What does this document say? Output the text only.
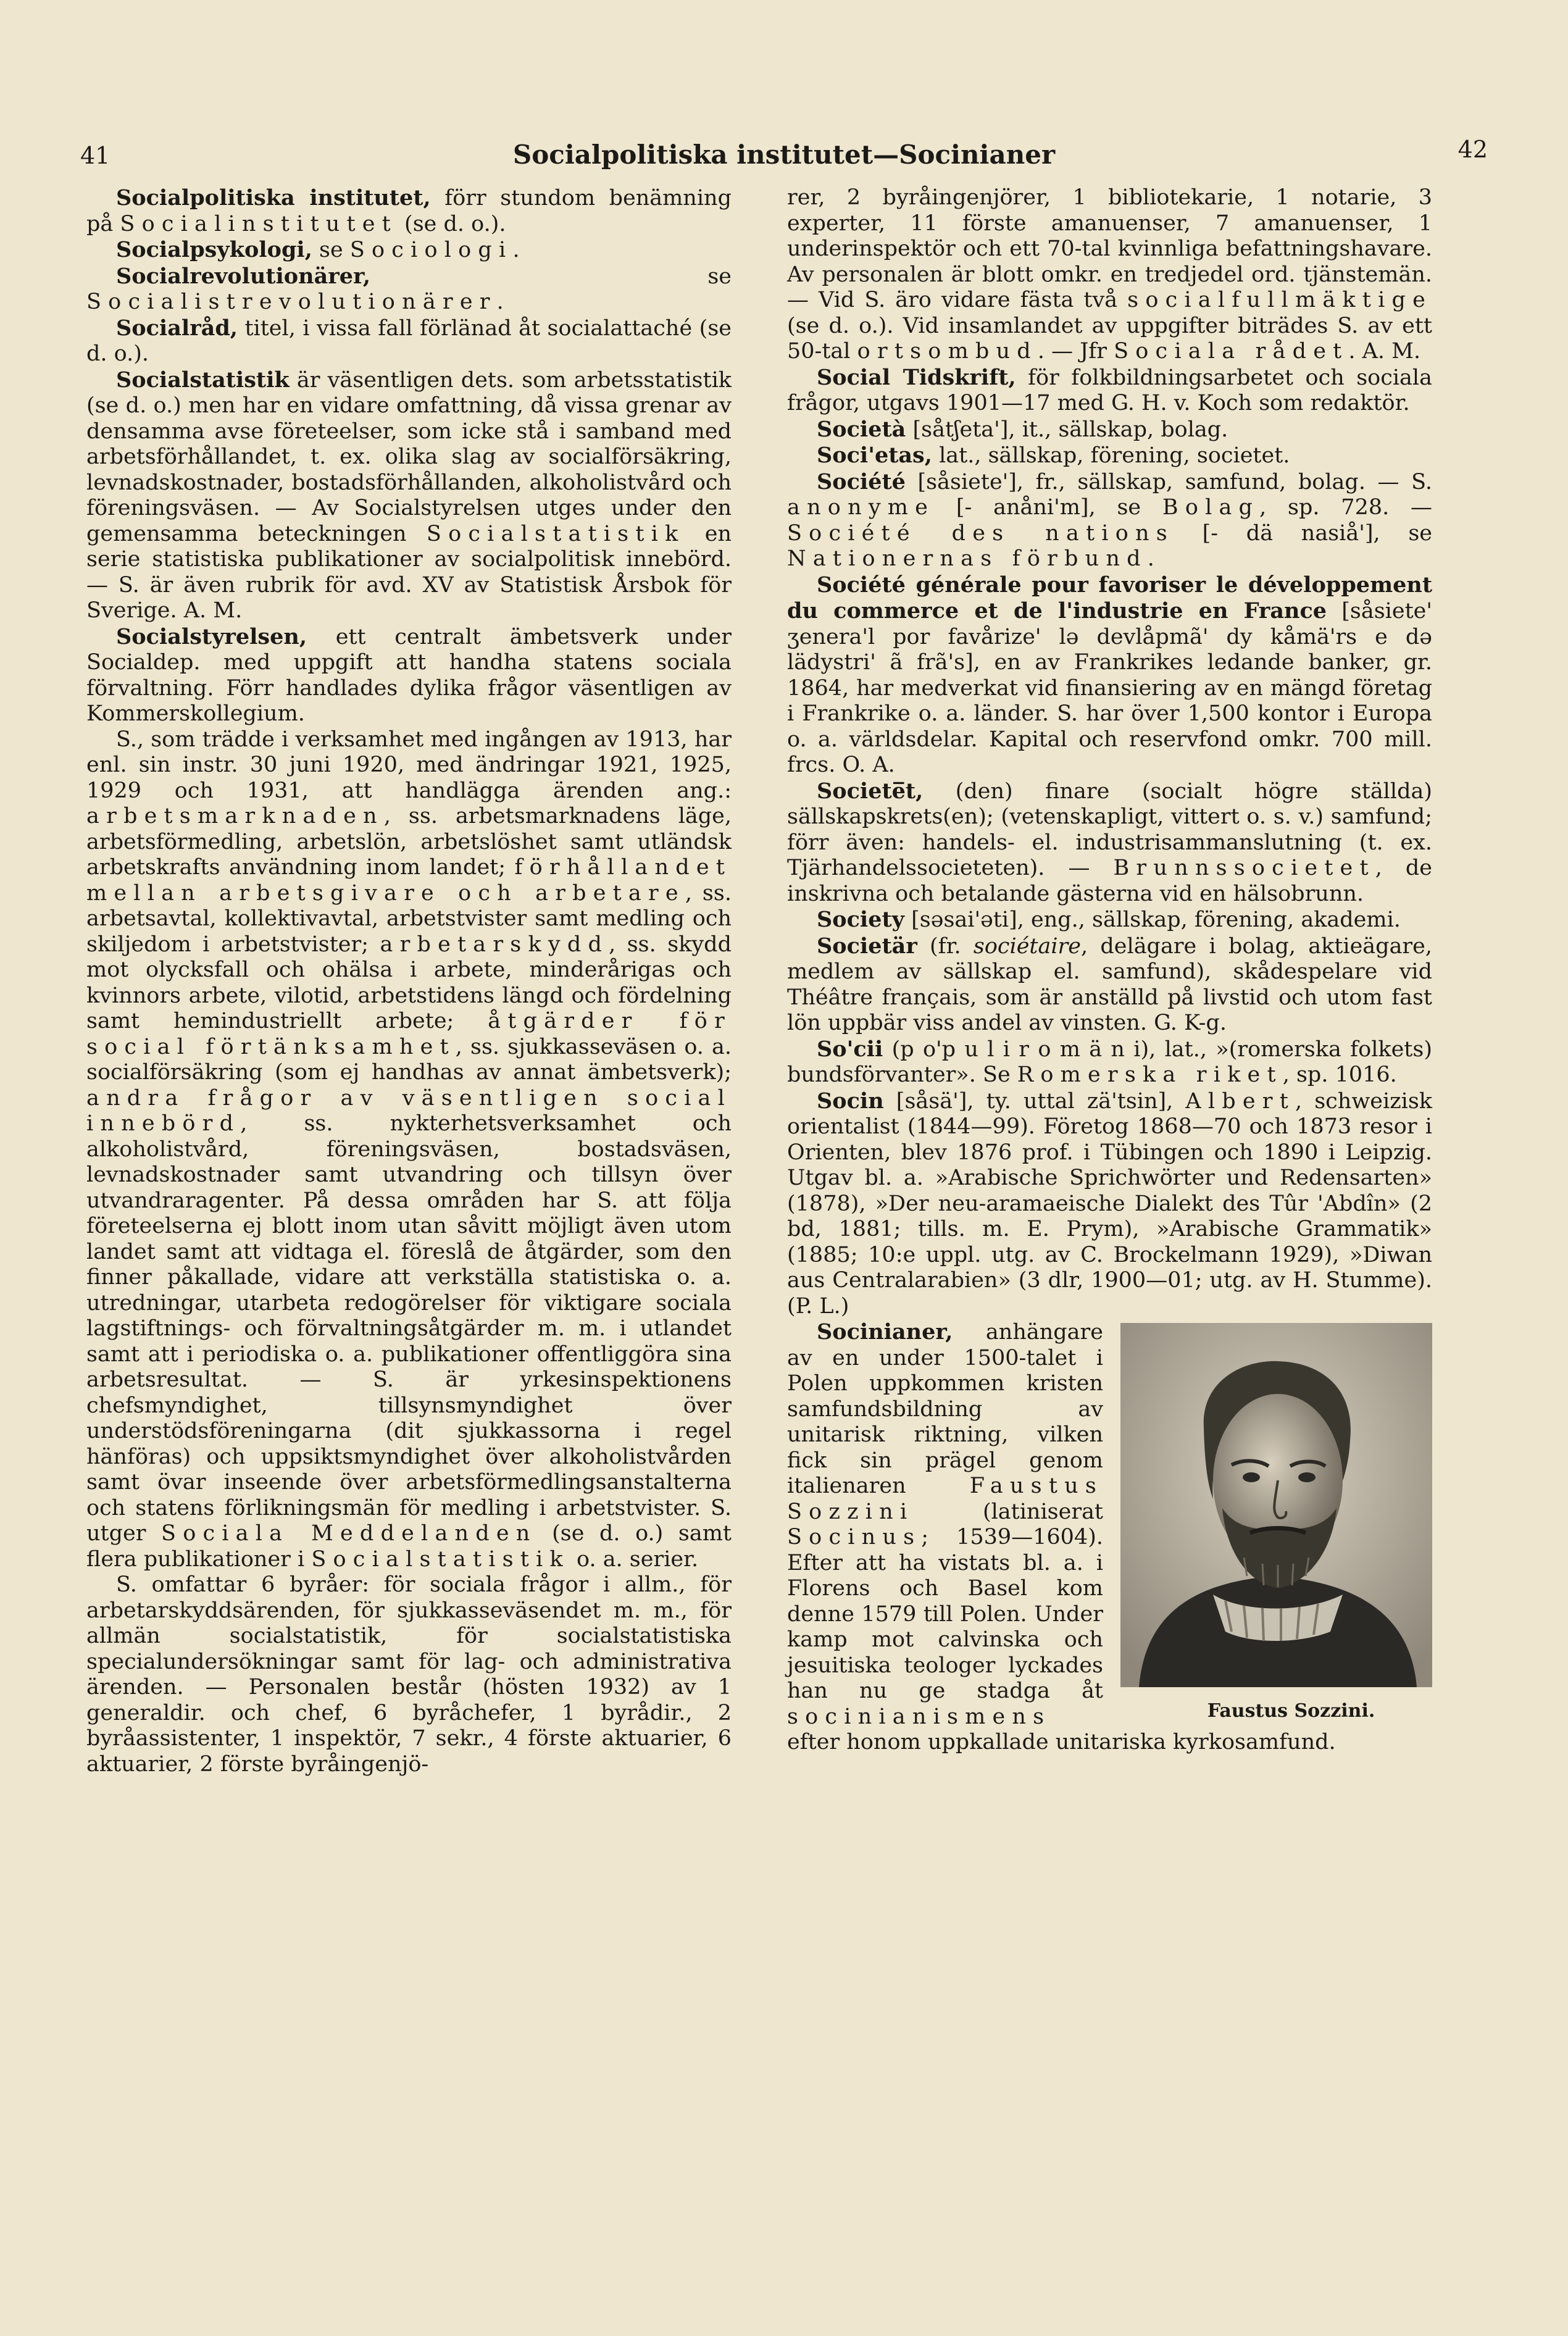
41	Socialpolitiska institutet—Socinianer	42

Socialpolitiska institutet, förr stundom benämning på Socialinstitutet (se d. o.).

Socialpsykologi, se Sociologi.

Socialrevolutionärer, se Socialistrevolutionärer.

Socialråd, titel, i vissa fall förlänad åt socialattaché (se d. o.).

Socialstatistik är väsentligen dets. som arbetsstatistik (se d. o.) men har en vidare omfattning, då vissa grenar av densamma avse företeelser, som icke stå i samband med arbetsförhållandet, t. ex. olika slag av socialförsäkring, levnadskostnader, bostadsförhållanden, alkoholistvård och föreningsväsen. — Av Socialstyrelsen utges under den gemensamma beteckningen Socialstatistik en serie statistiska publikationer av socialpolitisk innebörd. — S. är även rubrik för avd. XV av Statistisk Årsbok för Sverige. A. M.

Socialstyrelsen, ett centralt ämbetsverk under Socialdep. med uppgift att handha statens sociala förvaltning. Förr handlades dylika frågor väsentligen av Kommerskollegium.

S., som trädde i verksamhet med ingången av 1913, har enl. sin instr. 30 juni 1920, med ändringar 1921, 1925, 1929 och 1931, att handlägga ärenden ang.: arbetsmarknaden, ss. arbetsmarknadens läge, arbetsförmedling, arbetslön, arbetslöshet samt utländsk arbetskrafts användning inom landet; förhållandet mellan arbetsgivare och arbetare, ss. arbetsavtal, kollektivavtal, arbetstvister samt medling och skiljedom i arbetstvister; arbetarskydd, ss. skydd mot olycksfall och ohälsa i arbete, minderårigas och kvinnors arbete, vilotid, arbetstidens längd och fördelning samt hemindustriellt arbete; åtgärder för social förtänksamhet, ss. sjukkasseväsen o. a. socialförsäkring (som ej handhas av annat ämbetsverk); andra frågor av väsentligen social innebörd, ss. nykterhetsverksamhet och alkoholistvård, föreningsväsen, bostadsväsen, levnadskostnader samt utvandring och tillsyn över utvandraragenter. På dessa områden har S. att följa företeelserna ej blott inom utan såvitt möjligt även utom landet samt att vidtaga el. föreslå de åtgärder, som den finner påkallade, vidare att verkställa statistiska o. a. utredningar, utarbeta redogörelser för viktigare sociala lagstiftnings- och förvaltningsåtgärder m. m. i utlandet samt att i periodiska o. a. publikationer offentliggöra sina arbetsresultat. — S. är yrkesinspektionens chefsmyndighet, tillsynsmyndighet över understödsföreningarna (dit sjukkassorna i regel hänföras) och uppsiktsmyndighet över alkoholistvården samt övar inseende över arbetsförmedlingsanstalterna och statens förlikningsmän för medling i arbetstvister. S. utger Sociala Meddelanden (se d. o.) samt flera publikationer i Socialstatistik o. a. serier.

S. omfattar 6 byråer: för sociala frågor i allm., för arbetarskyddsärenden, för sjukkasseväsendet m. m., för allmän socialstatistik, för socialstatistiska specialundersökningar samt för lag- och administrativa ärenden. — Personalen består (hösten 1932) av 1 generaldir. och chef, 6 byråchefer, 1 byrådir., 2 byråassistenter, 1 inspektör, 7 sekr., 4 förste aktuarier, 6 aktuarier, 2 förste byråingenjö-

rer, 2 byråingenjörer, 1 bibliotekarie, 1 notarie, 3 experter, 11 förste amanuenser, 7 amanuenser, 1 underinspektör och ett 70-tal kvinnliga befattningshavare. Av personalen är blott omkr. en tredjedel ord. tjänstemän. — Vid S. äro vidare fästa två socialfullmäktige (se d. o.). Vid insamlandet av uppgifter biträdes S. av ett 50-tal ortsombud. — Jfr Sociala rådet. A. M.

Social Tidskrift, för folkbildningsarbetet och sociala frågor, utgavs 1901—17 med G. H. v. Koch som redaktör.

Società [såtʃeta'], it., sällskap, bolag.

Soci'etas, lat., sällskap, förening, societet.

Société [såsiete'], fr., sällskap, samfund, bolag. — S. anonyme [- anåni'm], se Bolag, sp. 728. — Société des nations [- dä nasiå'], se Nationernas förbund.

Société générale pour favoriser le développement du commerce et de l'industrie en France [såsiete' ʒenera'l por favårize' lə devlåpmã' dy kåmä'rs e də lädystri' ã frã's], en av Frankrikes ledande banker, gr. 1864, har medverkat vid finansiering av en mängd företag i Frankrike o. a. länder. S. har över 1,500 kontor i Europa o. a. världsdelar. Kapital och reservfond omkr. 700 mill. frcs. O. A.

Societe̅t, (den) finare (socialt högre ställda) sällskapskrets(en); (vetenskapligt, vittert o. s. v.) samfund; förr även: handels- el. industrisammanslutning (t. ex. Tjärhandelssocieteten). — Brunnssocietet, de inskrivna och betalande gästerna vid en hälsobrunn.

Society [səsai'əti], eng., sällskap, förening, akademi.

Societär (fr. sociétaire, delägare i bolag, aktieägare, medlem av sällskap el. samfund), skådespelare vid Théâtre français, som är anställd på livstid och utom fast lön uppbär viss andel av vinsten. G. K-g.

So'cii (p o'p u l i r o m ä n i), lat., »(romerska folkets) bundsförvanter». Se Romerska riket, sp. 1016.

Socin [såsä'], ty. uttal zä'tsin], Albert, schweizisk orientalist (1844—99). Företog 1868—70 och 1873 resor i Orienten, blev 1876 prof. i Tübingen och 1890 i Leipzig. Utgav bl. a. »Arabische Sprichwörter und Redensarten» (1878), »Der neu-aramaeische Dialekt des Tûr 'Abdîn» (2 bd, 1881; tills. m. E. Prym), »Arabische Grammatik» (1885; 10:e uppl. utg. av C. Brockelmann 1929), »Diwan aus Centralarabien» (3 dlr, 1900—01; utg. av H. Stumme). (P. L.)

Faustus Sozzini.
Socinianer, anhängare av en under 1500-talet i Polen uppkommen kristen samfundsbildning av unitarisk riktning, vilken fick sin prägel genom italienaren Faustus Sozzini (latiniserat Socinus; 1539—1604). Efter att ha vistats bl. a. i Florens och Basel kom denne 1579 till Polen. Under kamp mot calvinska och jesuitiska teologer lyckades han nu ge stadga åt socinianismens efter honom uppkallade unitariska kyrkosamfund.
